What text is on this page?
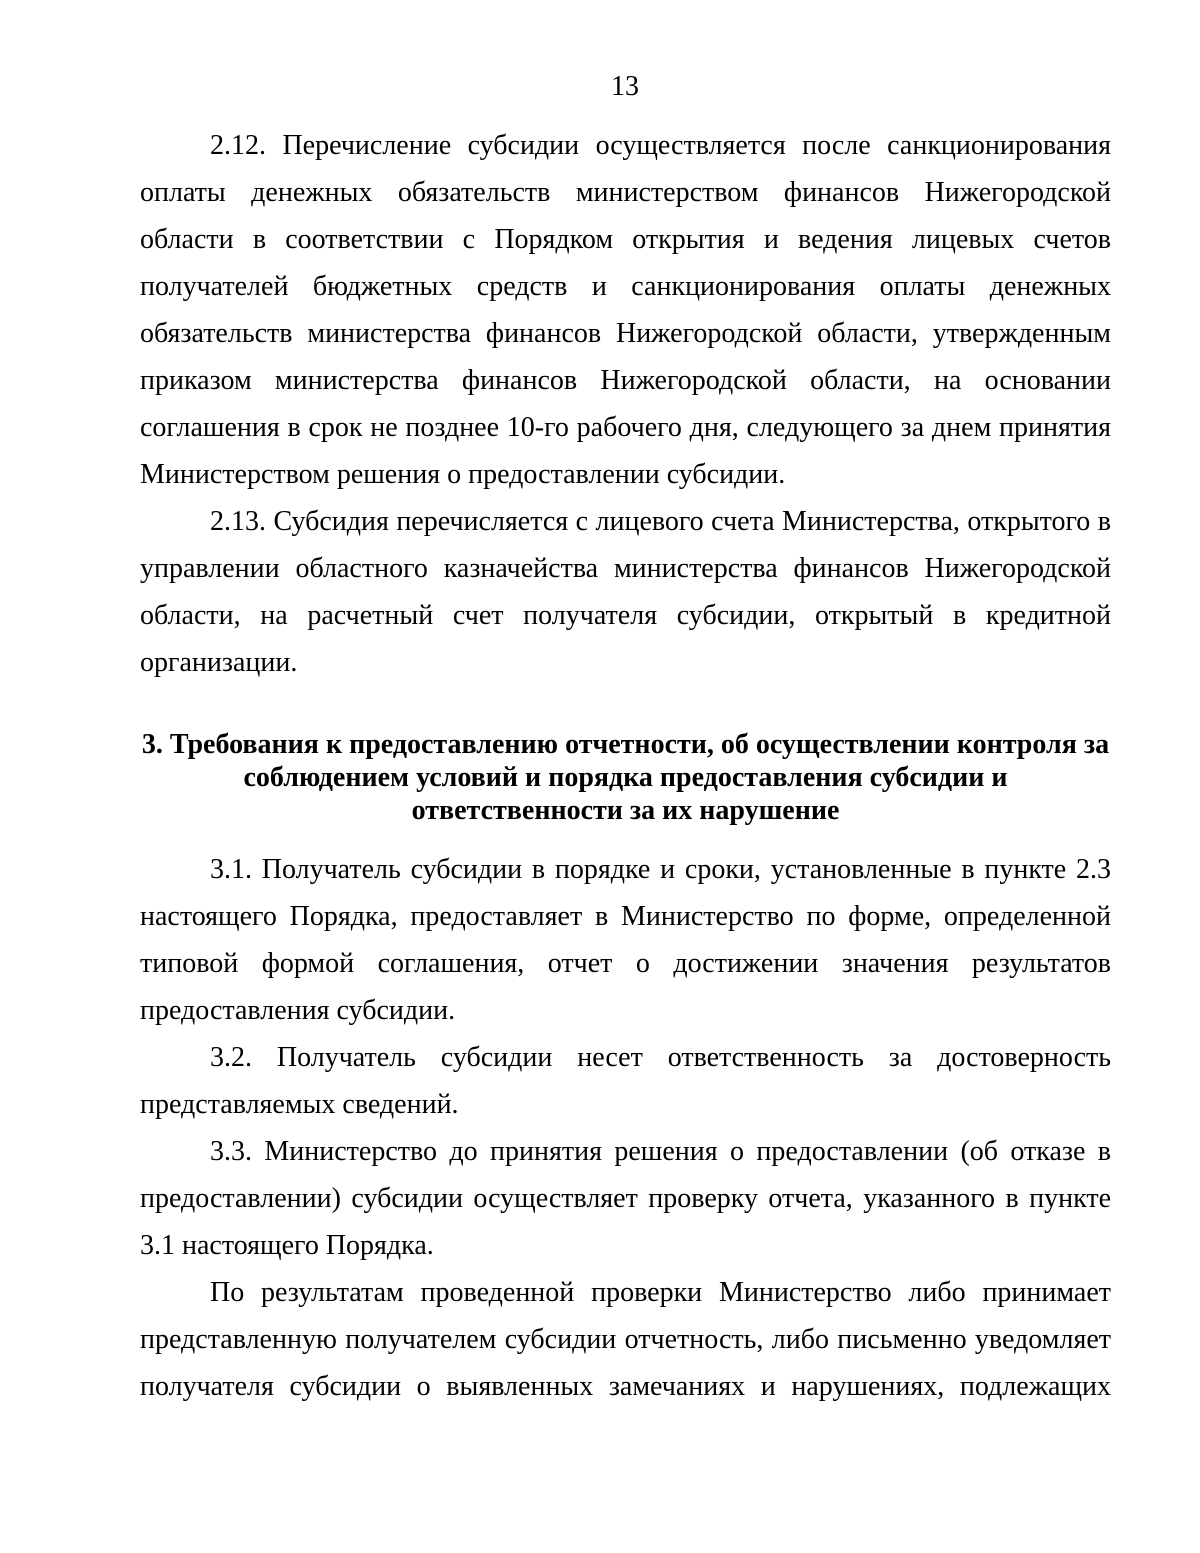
13

2.12. Перечисление субсидии осуществляется после санкционирования оплаты денежных обязательств министерством финансов Нижегородской области в соответствии с Порядком открытия и ведения лицевых счетов получателей бюджетных средств и санкционирования оплаты денежных обязательств министерства финансов Нижегородской области, утвержденным приказом министерства финансов Нижегородской области, на основании соглашения в срок не позднее 10-го рабочего дня, следующего за днем принятия Министерством решения о предоставлении субсидии.

2.13. Субсидия перечисляется с лицевого счета Министерства, открытого в управлении областного казначейства министерства финансов Нижегородской области, на расчетный счет получателя субсидии, открытый в кредитной организации.

3. Требования к предоставлению отчетности, об осуществлении контроля за соблюдением условий и порядка предоставления субсидии и ответственности за их нарушение

3.1. Получатель субсидии в порядке и сроки, установленные в пункте 2.3 настоящего Порядка, предоставляет в Министерство по форме, определенной типовой формой соглашения, отчет о достижении значения результатов предоставления субсидии.

3.2. Получатель субсидии несет ответственность за достоверность представляемых сведений.

3.3. Министерство до принятия решения о предоставлении (об отказе в предоставлении) субсидии осуществляет проверку отчета, указанного в пункте 3.1 настоящего Порядка.

По результатам проведенной проверки Министерство либо принимает представленную получателем субсидии отчетность, либо письменно уведомляет получателя субсидии о выявленных замечаниях и нарушениях, подлежащих
